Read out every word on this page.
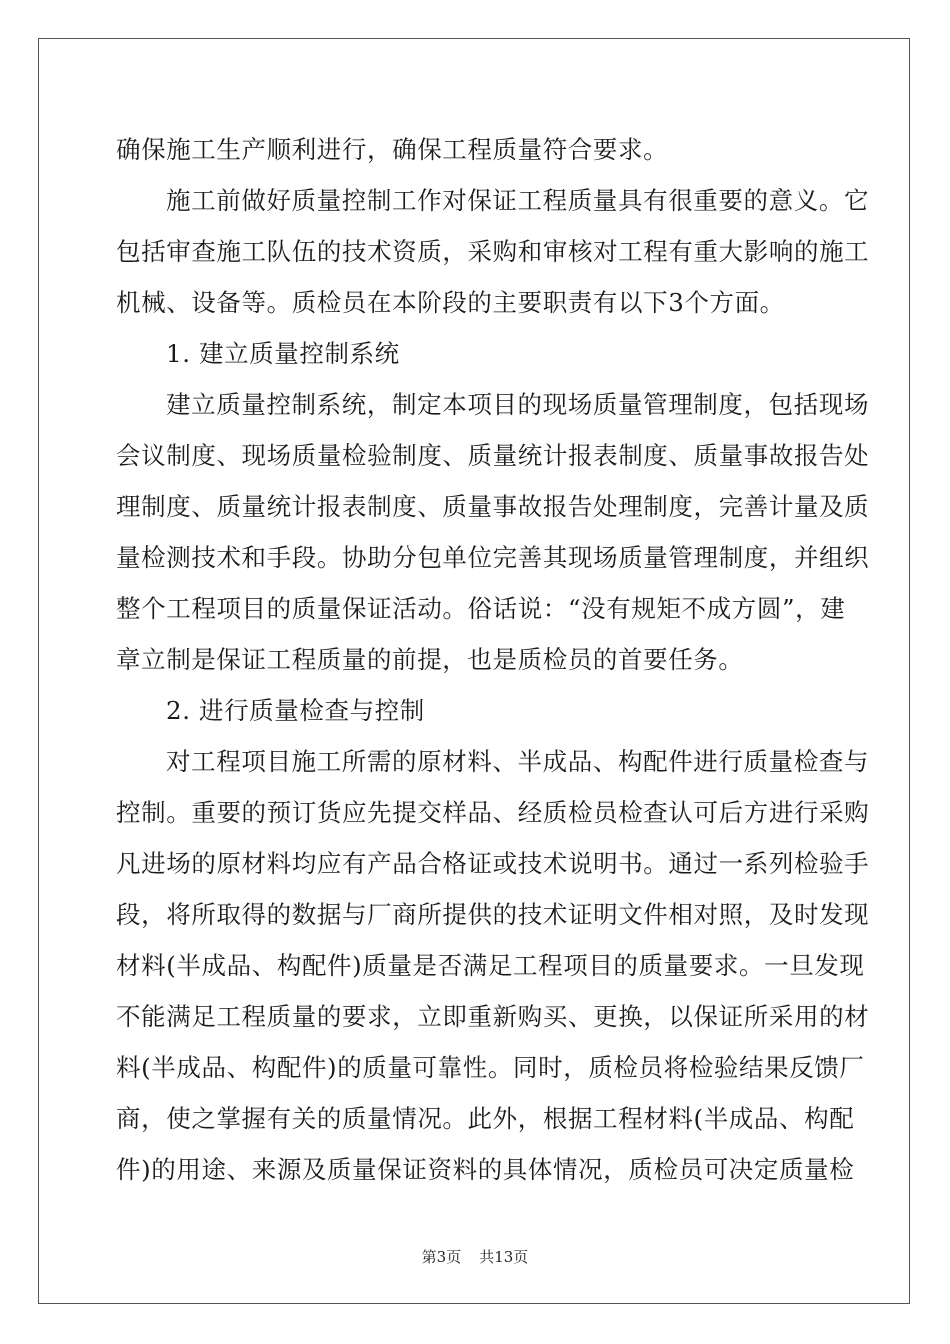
确保施工生产顺利进行，确保工程质量符合要求。
施 工 前 做 好 质 量 控 制 工 作 对 保 证 工 程 质 量 具 有 很 重 要 的 意 义 。 它
包 括 审 查 施 工 队 伍 的 技 术 资 质 ， 采 购 和 审 核 对 工 程 有 重 大 影 响 的 施 工
机械、设备等。质检员在本阶段的主要职责有以下3个方面。
1. 建立质量控制系统
建 立 质 量 控 制 系 统 ， 制 定 本 项 目 的 现 场 质 量 管 理 制 度 ， 包 括 现 场
会 议 制 度 、 现 场 质 量 检 验 制 度 、 质 量 统 计 报 表 制 度 、 质 量 事 故 报 告 处
理 制 度 、 质 量 统 计 报 表 制 度 、 质 量 事 故 报 告 处 理 制 度 ， 完 善 计 量 及 质
量 检 测 技 术 和 手 段 。 协 助 分 包 单 位 完 善 其 现 场 质 量 管 理 制 度 ， 并 组 织
整 个 工 程 项 目 的 质 量 保 证 活 动 。 俗 话 说 ： “ 没 有 规 矩 不 成 方 圆 ” ， 建
章立制是保证工程质量的前提，也是质检员的首要任务。
2. 进行质量检查与控制
对 工 程 项 目 施 工 所 需 的 原 材 料 、 半 成 品 、 构 配 件 进 行 质 量 检 查 与
控 制 。 重 要 的 预 订 货 应 先 提 交 样 品 、 经 质 检 员 检 查 认 可 后 方 进 行 采 购
凡 进 场 的 原 材 料 均 应 有 产 品 合 格 证 或 技 术 说 明 书 。 通 过 一 系 列 检 验 手
段 ， 将 所 取 得 的 数 据 与 厂 商 所 提 供 的 技 术 证 明 文 件 相 对 照 ， 及 时 发 现
材 料 ( 半 成 品 、 构 配 件 ) 质 量 是 否 满 足 工 程 项 目 的 质 量 要 求 。 一 旦 发 现
不 能 满 足 工 程 质 量 的 要 求 ， 立 即 重 新 购 买 、 更 换 ， 以 保 证 所 采 用 的 材
料 ( 半 成 品 、 构 配 件 ) 的 质 量 可 靠 性 。 同 时 ， 质 检 员 将 检 验 结 果 反 馈 厂
商 ， 使 之 掌 握 有 关 的 质 量 情 况 。 此 外 ， 根 据 工 程 材 料 ( 半 成 品 、 构 配
件 ) 的 用 途 、 来 源 及 质 量 保 证 资 料 的 具 体 情 况 ， 质 检 员 可 决 定 质 量 检
第3页 共13页
